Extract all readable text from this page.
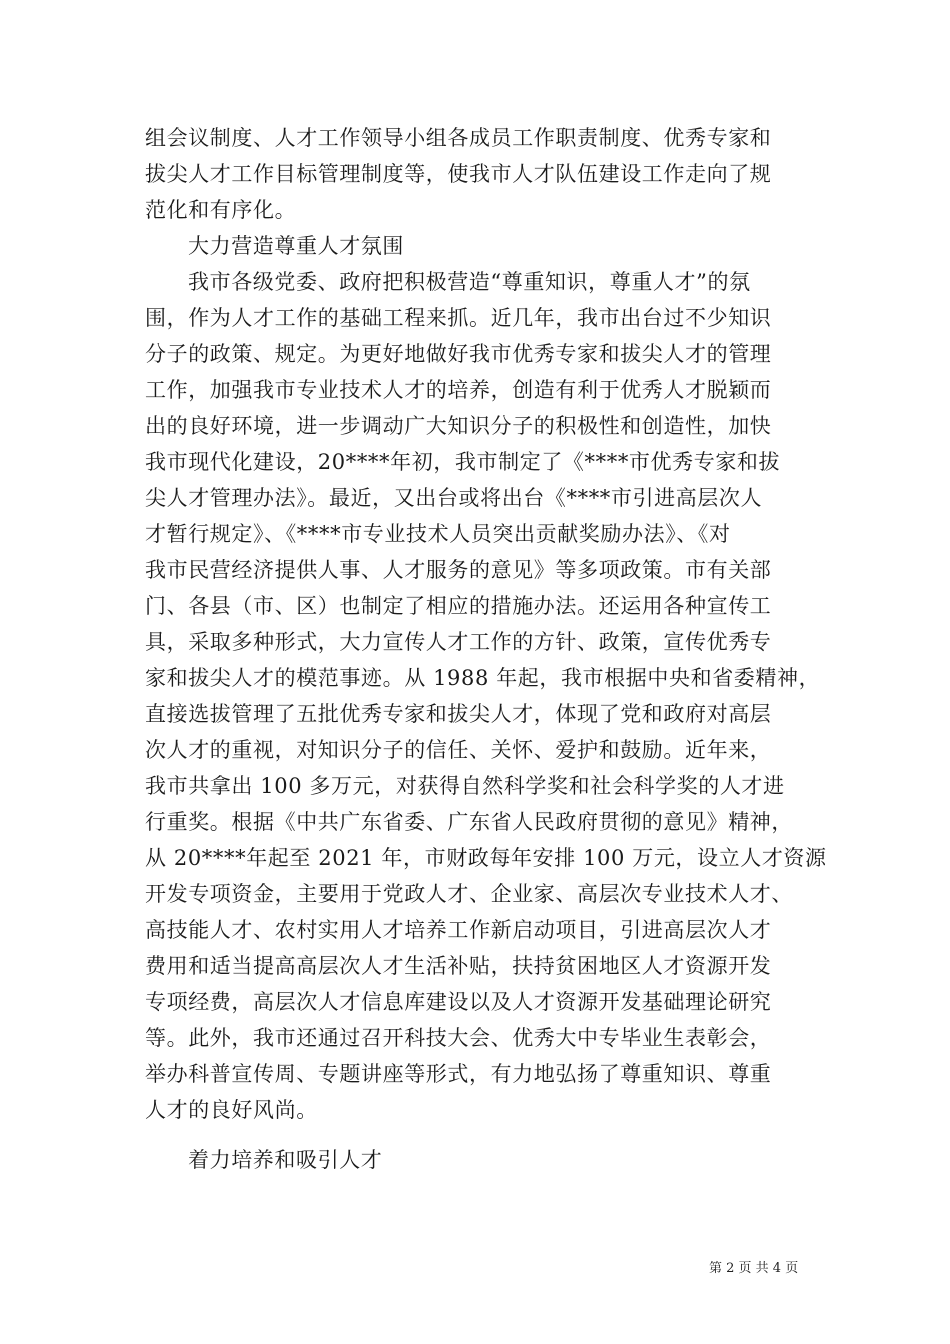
组会议制度、人才工作领导小组各成员工作职责制度、优秀专家和
拔尖人才工作目标管理制度等，使我市人才队伍建设工作走向了规
范化和有序化。
大力营造尊重人才氛围
我市各级党委、政府把积极营造“尊重知识，尊重人才”的氛
围，作为人才工作的基础工程来抓。近几年，我市出台过不少知识
分子的政策、规定。为更好地做好我市优秀专家和拔尖人才的管理
工作，加强我市专业技术人才的培养，创造有利于优秀人才脱颖而
出的良好环境，进一步调动广大知识分子的积极性和创造性，加快
我市现代化建设，20****年初，我市制定了《****市优秀专家和拔
尖人才管理办法》。最近，又出台或将出台《****市引进高层次人
才暂行规定》、《****市专业技术人员突出贡献奖励办法》、《对
我市民营经济提供人事、人才服务的意见》等多项政策。市有关部
门、各县（市、区）也制定了相应的措施办法。还运用各种宣传工
具，采取多种形式，大力宣传人才工作的方针、政策，宣传优秀专
家和拔尖人才的模范事迹。从 1988 年起，我市根据中央和省委精神，
直接选拔管理了五批优秀专家和拔尖人才，体现了党和政府对高层
次人才的重视，对知识分子的信任、关怀、爱护和鼓励。近年来，
我市共拿出 100 多万元，对获得自然科学奖和社会科学奖的人才进
行重奖。根据《中共广东省委、广东省人民政府贯彻的意见》精神，
从 20****年起至 2021 年，市财政每年安排 100 万元，设立人才资源
开发专项资金，主要用于党政人才、企业家、高层次专业技术人才、
高技能人才、农村实用人才培养工作新启动项目，引进高层次人才
费用和适当提高高层次人才生活补贴，扶持贫困地区人才资源开发
专项经费，高层次人才信息库建设以及人才资源开发基础理论研究
等。此外，我市还通过召开科技大会、优秀大中专毕业生表彰会，
举办科普宣传周、专题讲座等形式，有力地弘扬了尊重知识、尊重
人才的良好风尚。
着力培养和吸引人才
第 2 页 共 4 页
